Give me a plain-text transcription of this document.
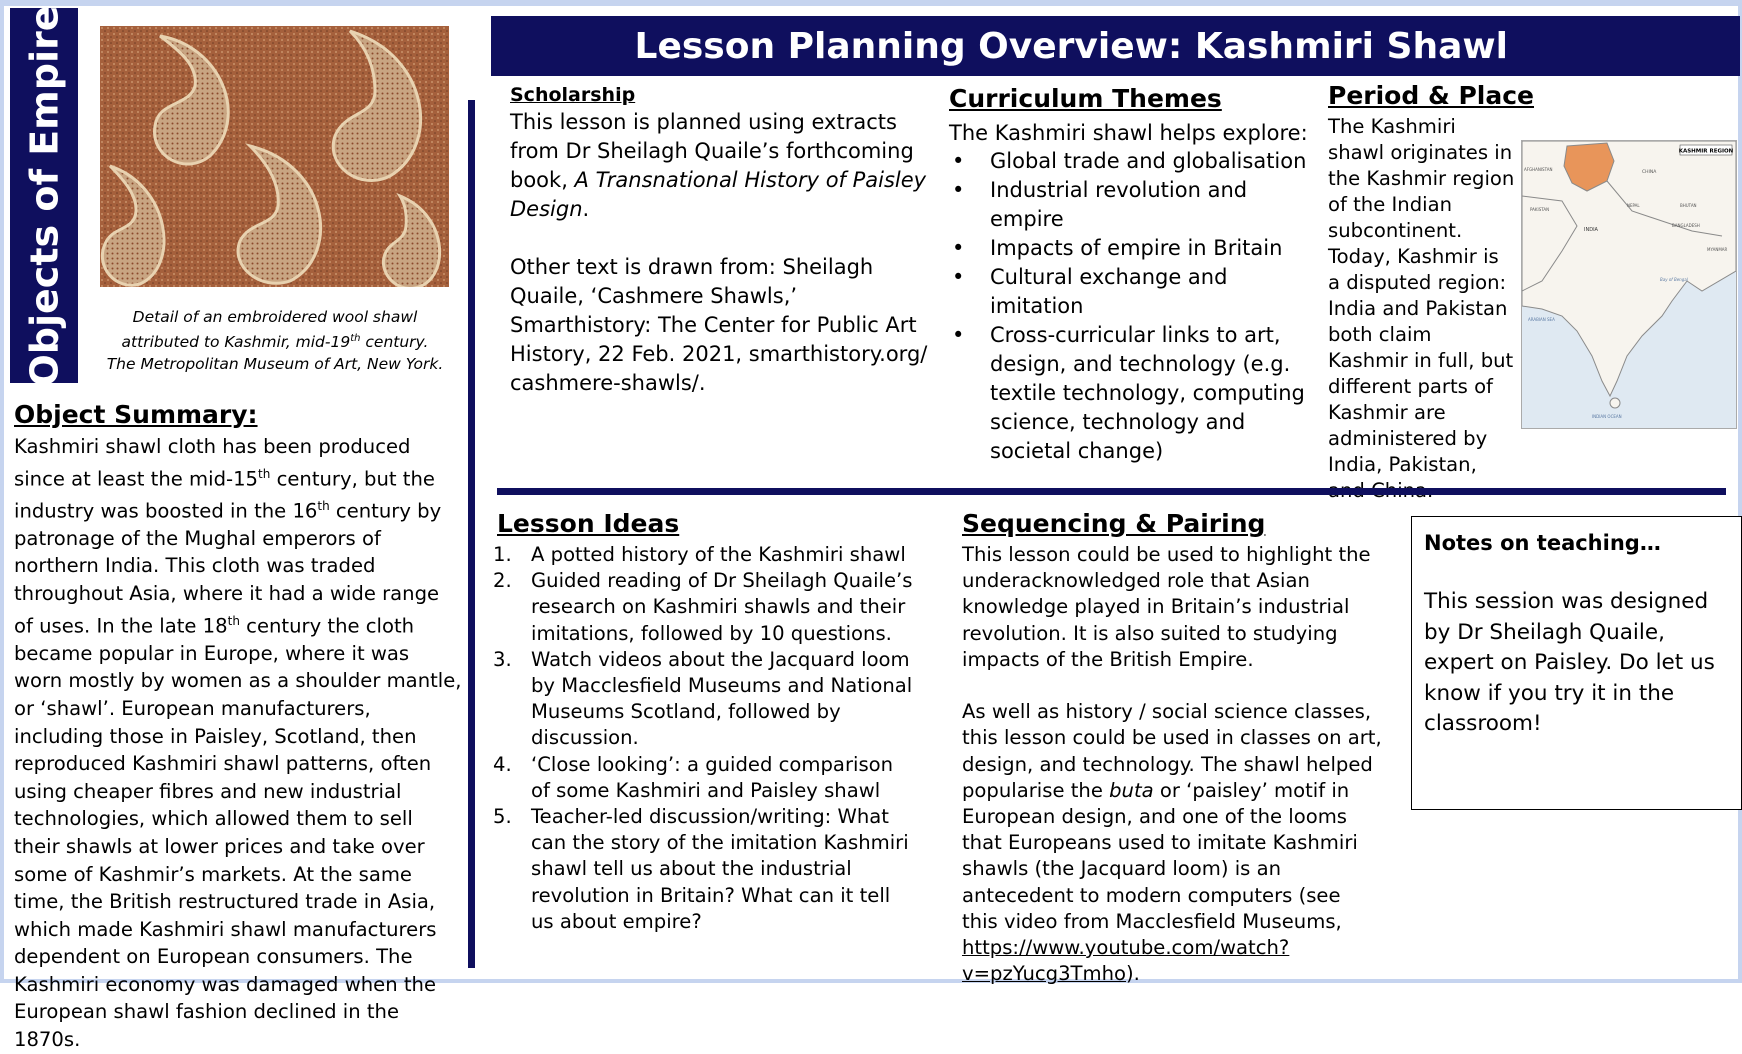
Objects of Empire	Detail of an embroidered wool shawl
attributed to Kashmir, mid-19th century.
The Metropolitan Museum of Art, New York.
Object Summary:
Kashmiri shawl cloth has been produced since at least the mid-15th century, but the industry was boosted in the 16th century by patronage of the Mughal emperors of northern India. This cloth was traded throughout Asia, where it had a wide range of uses. In the late 18th century the cloth became popular in Europe, where it was worn mostly by women as a shoulder mantle, or ‘shawl’. European manufacturers, including those in Paisley, Scotland, then reproduced Kashmiri shawl patterns, often using cheaper fibres and new industrial technologies, which allowed them to sell their shawls at lower prices and take over some of Kashmir’s markets. At the same time, the British restructured trade in Asia, which made Kashmiri shawl manufacturers dependent on European consumers. The Kashmiri economy was damaged when the European shawl fashion declined in the 1870s.
Lesson Planning Overview: Kashmiri Shawl
Scholarship

This lesson is planned using extracts from Dr Sheilagh Quaile’s forthcoming book, A Transnational History of Paisley Design.

Other text is drawn from: Sheilagh Quaile, ‘Cashmere Shawls,’ Smarthistory: The Center for Public Art History, 22 Feb. 2021, smarthistory.org/ cashmere-shawls/.

Curriculum Themes
The Kashmiri shawl helps explore:
• Global trade and globalisation
• Industrial revolution and empire
• Impacts of empire in Britain
• Cultural exchange and imitation
• Cross-curricular links to art, design, and technology (e.g. textile technology, computing science, technology and societal change)
Period & Place
The Kashmiri shawl originates in the Kashmir region of the Indian subcontinent. Today, Kashmir is a disputed region: India and Pakistan both claim Kashmir in full, but different parts of Kashmir are administered by India, Pakistan,
KASHMIR REGION
AFGHANISTAN
PAKISTAN
CHINA
NEPAL	BHUTAN
INDIA
BANGLADESH
MYANMAR
Bay of Bengal
ARABIAN SEA
INDIAN OCEAN
Lesson Ideas
1. A potted history of the Kashmiri shawl
2. Guided reading of Dr Sheilagh Quaile’s research on Kashmiri shawls and their imitations, followed by 10 questions.
3. Watch videos about the Jacquard loom by Macclesfield Museums and National Museums Scotland, followed by discussion.
4. ‘Close looking’: a guided comparison of some Kashmiri and Paisley shawl
5. Teacher-led discussion/writing: What can the story of the imitation Kashmiri shawl tell us about the industrial revolution in Britain? What can it tell us about empire?
Sequencing & Pairing

This lesson could be used to highlight the underacknowledged role that Asian knowledge played in Britain’s industrial revolution. It is also suited to studying impacts of the British Empire.

As well as history / social science classes, this lesson could be used in classes on art, design, and technology. The shawl helped popularise the buta or ‘paisley’ motif in European design, and one of the looms that Europeans used to imitate Kashmiri shawls (the Jacquard loom) is an antecedent to modern computers (see this video from Macclesfield Museums, https://www.youtube.com/watch?v=pzYucg3Tmho).

Notes on teaching…
This session was designed by Dr Sheilagh Quaile, expert on Paisley. Do let us know if you try it in the classroom!
